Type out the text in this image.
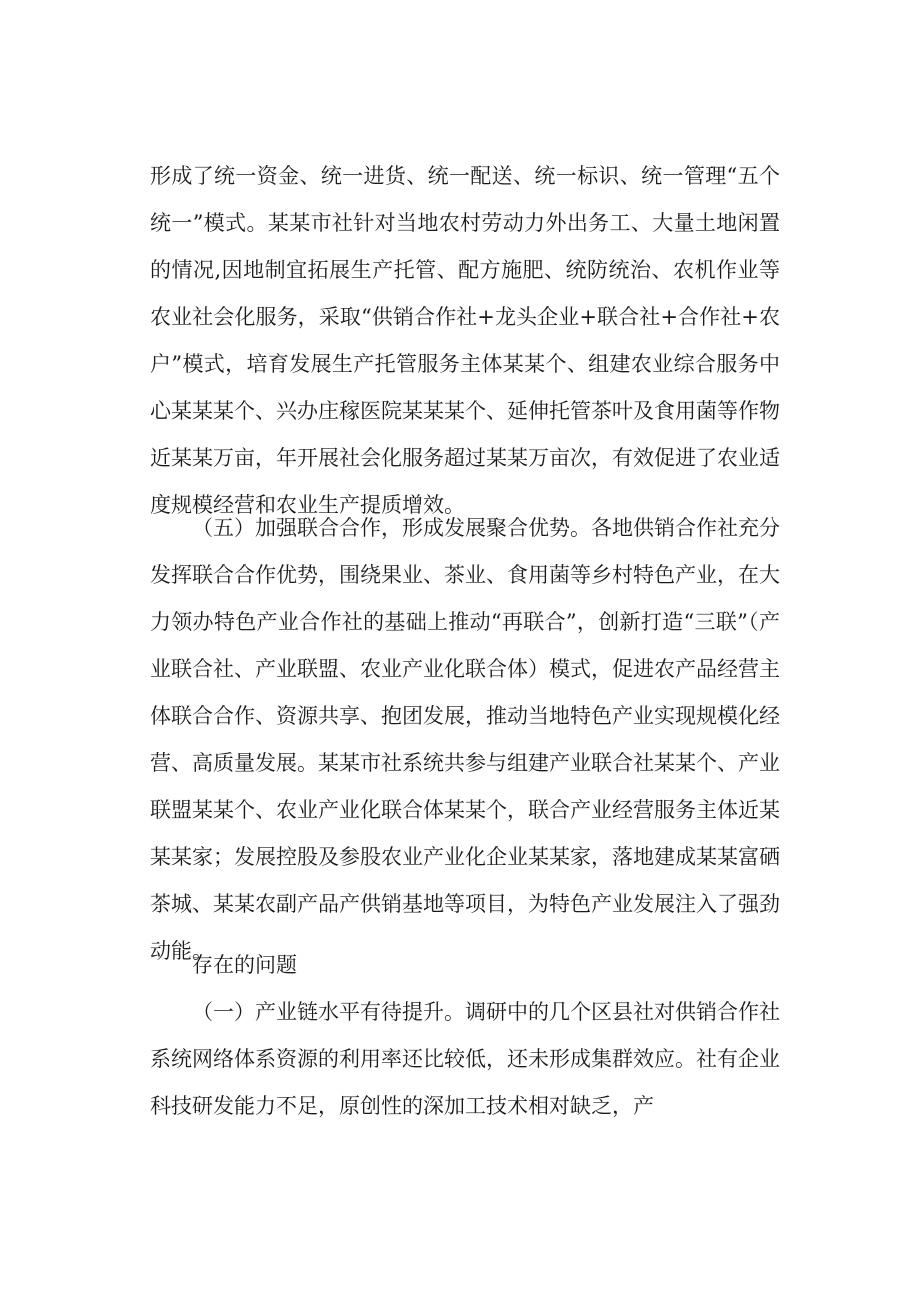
形成了统一资金、统一进货、统一配送、统一标识、统一管理“五个统一”模式。某某市社针对当地农村劳动力外出务工、大量土地闲置的情况,因地制宜拓展生产托管、配方施肥、统防统治、农机作业等农业社会化服务，采取“供销合作社+龙头企业+联合社+合作社+农户”模式，培育发展生产托管服务主体某某个、组建农业综合服务中心某某某个、兴办庄稼医院某某某个、延伸托管茶叶及食用菌等作物近某某万亩，年开展社会化服务超过某某万亩次，有效促进了农业适度规模经营和农业生产提质增效。

（五）加强联合合作，形成发展聚合优势。各地供销合作社充分发挥联合合作优势，围绕果业、茶业、食用菌等乡村特色产业，在大力领办特色产业合作社的基础上推动“再联合”，创新打造“三联”（产业联合社、产业联盟、农业产业化联合体）模式，促进农产品经营主体联合合作、资源共享、抱团发展，推动当地特色产业实现规模化经营、高质量发展。某某市社系统共参与组建产业联合社某某个、产业联盟某某个、农业产业化联合体某某个，联合产业经营服务主体近某某某家；发展控股及参股农业产业化企业某某家，落地建成某某富硒茶城、某某农副产品产供销基地等项目，为特色产业发展注入了强劲动能。

存在的问题

（一）产业链水平有待提升。调研中的几个区县社对供销合作社系统网络体系资源的利用率还比较低，还未形成集群效应。社有企业科技研发能力不足，原创性的深加工技术相对缺乏，产
